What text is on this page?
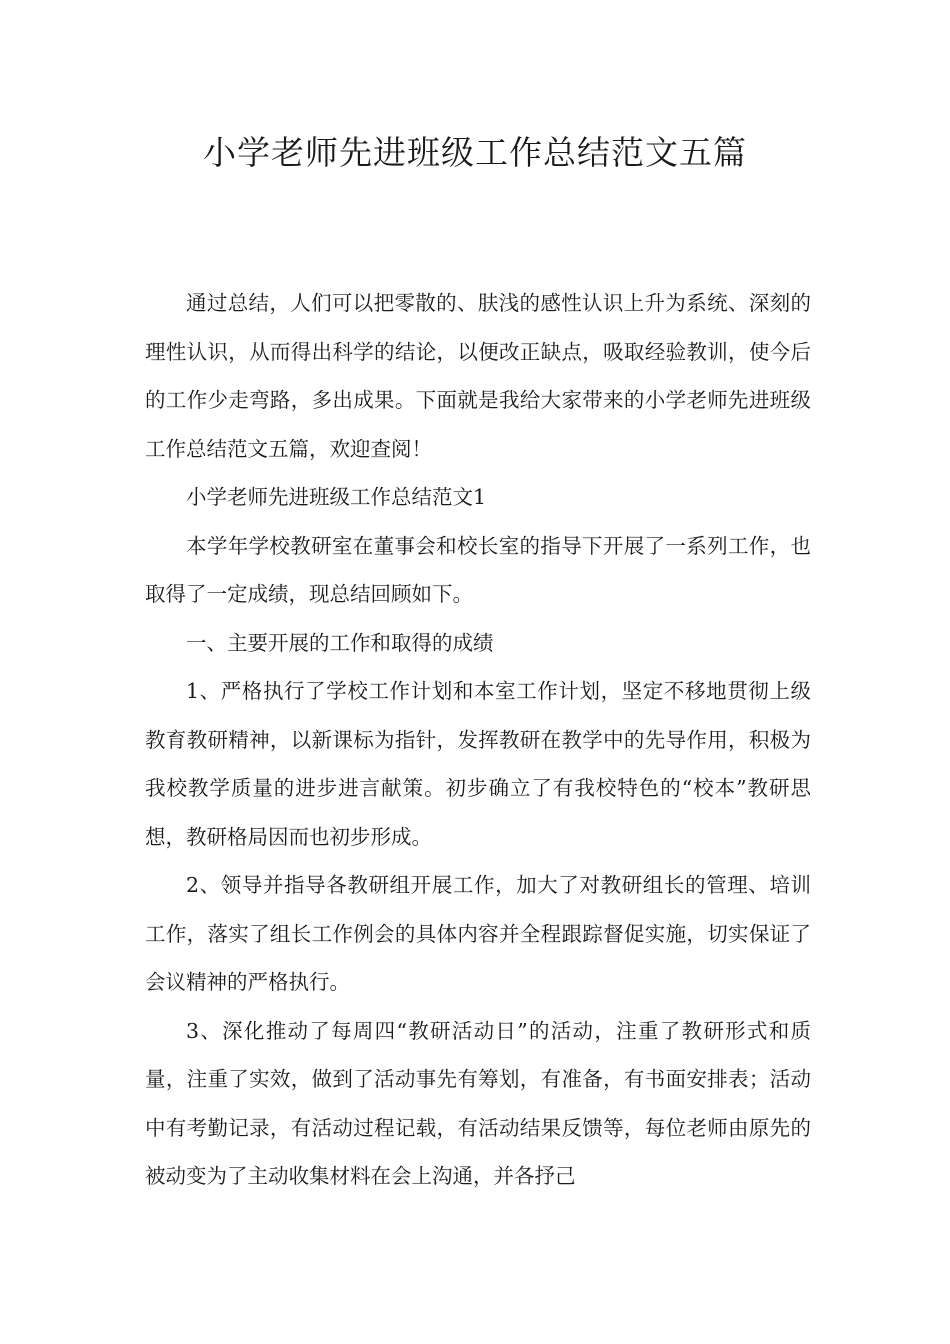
小学老师先进班级工作总结范文五篇

通过总结，人们可以把零散的、肤浅的感性认识上升为系统、深刻的理性认识，从而得出科学的结论，以便改正缺点，吸取经验教训，使今后的工作少走弯路，多出成果。下面就是我给大家带来的小学老师先进班级工作总结范文五篇，欢迎查阅！

小学老师先进班级工作总结范文1

本学年学校教研室在董事会和校长室的指导下开展了一系列工作，也取得了一定成绩，现总结回顾如下。

一、主要开展的工作和取得的成绩

1、严格执行了学校工作计划和本室工作计划，坚定不移地贯彻上级教育教研精神，以新课标为指针，发挥教研在教学中的先导作用，积极为我校教学质量的进步进言献策。初步确立了有我校特色的“校本”教研思想，教研格局因而也初步形成。

2、领导并指导各教研组开展工作，加大了对教研组长的管理、培训工作，落实了组长工作例会的具体内容并全程跟踪督促实施，切实保证了会议精神的严格执行。

3、深化推动了每周四“教研活动日”的活动，注重了教研形式和质量，注重了实效，做到了活动事先有筹划，有准备，有书面安排表；活动中有考勤记录，有活动过程记载，有活动结果反馈等，每位老师由原先的被动变为了主动收集材料在会上沟通，并各抒己
